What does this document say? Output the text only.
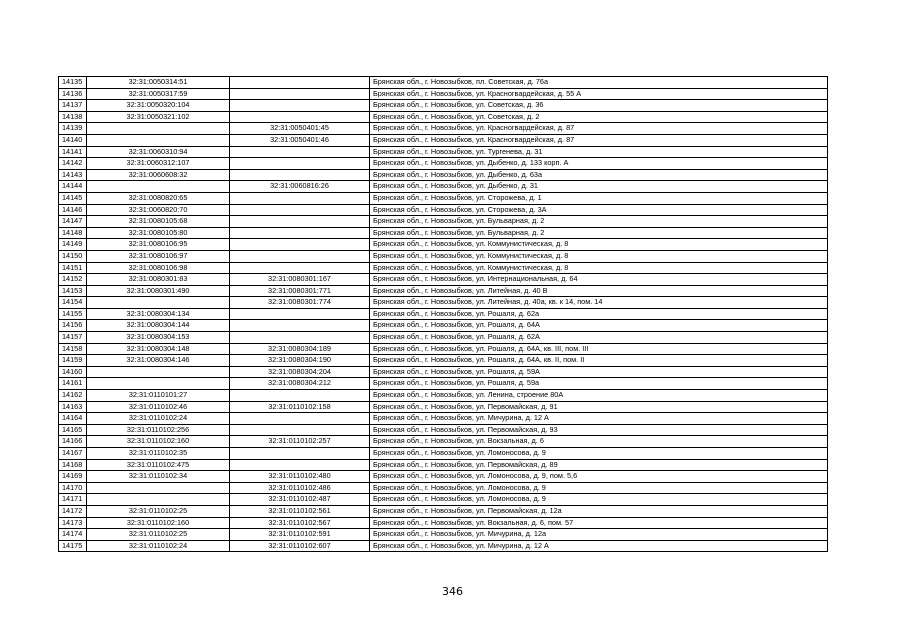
14135	32:31:0050314:51		Брянская обл., г. Новозыбков, пл. Советская, д. 76а
14136	32:31:0050317:59		Брянская обл., г. Новозыбков, ул. Красногвардейская, д. 55 А
14137	32:31:0050320:104		Брянская обл., г. Новозыбков, ул. Советская, д. 36
14138	32:31:0050321:102		Брянская обл., г. Новозыбков, ул. Советская, д. 2
14139		32:31:0050401:45	Брянская обл., г. Новозыбков, ул. Красногвардейская, д. 87
14140		32:31:0050401:46	Брянская обл., г. Новозыбков, ул. Красногвардейская, д. 87
14141	32:31:0060310:94		Брянская обл., г. Новозыбков, ул. Тургенева, д. 31
14142	32:31:0060312:107		Брянская обл., г. Новозыбков, ул. Дыбенко, д. 133 корп. А
14143	32:31:0060608:32		Брянская обл., г. Новозыбков, ул. Дыбенко, д. 63а
14144		32:31:0060816:26	Брянская обл., г. Новозыбков, ул. Дыбенко, д. 31
14145	32:31:0080820:65		Брянская обл., г. Новозыбков, ул. Сторожева, д. 1
14146	32:31:0060820:70		Брянская обл., г. Новозыбков, ул. Сторожева, д. 3А
14147	32:31:0080105:68		Брянская обл., г. Новозыбков, ул. Бульварная, д. 2
14148	32:31:0080105:80		Брянская обл., г. Новозыбков, ул. Бульварная, д. 2
14149	32:31:0080106:95		Брянская обл., г. Новозыбков, ул. Коммунистическая, д. 8
14150	32:31:0080106:97		Брянская обл., г. Новозыбков, ул. Коммунистическая, д. 8
14151	32:31:0080106:98		Брянская обл., г. Новозыбков, ул. Коммунистическая, д. 8
14152	32:31:0080301:83	32:31:0080301:167	Брянская обл., г. Новозыбков, ул. Интернациональная, д. 64
14153	32:31:0080301:490	32:31:0080301:771	Брянская обл., г. Новозыбков, ул. Литейная, д. 40 В
14154		32:31:0080301:774	Брянская обл., г. Новозыбков, ул. Литейная, д. 40а, кв. к 14, пом. 14
14155	32:31:0080304:134		Брянская обл., г. Новозыбков, ул. Рошаля, д. 62а
14156	32:31:0080304:144		Брянская обл., г. Новозыбков, ул. Рошаля, д. 64А
14157	32:31:0080304:153		Брянская обл., г. Новозыбков, ул. Рошаля, д. 62А
14158	32:31:0080304:148	32:31:0080304:189	Брянская обл., г. Новозыбков, ул. Рошаля, д. 64А, кв. III, пом. III
14159	32:31:0080304:146	32:31:0080304:190	Брянская обл., г. Новозыбков, ул. Рошаля, д. 64А, кв. II, пом. II
14160		32:31:0080304:204	Брянская обл., г. Новозыбков, ул. Рошаля, д. 59А
14161		32:31:0080304:212	Брянская обл., г. Новозыбков, ул. Рошаля, д. 59а
14162	32:31:0110101:27		Брянская обл., г. Новозыбков, ул. Ленина, строение 80А
14163	32:31:0110102:46	32:31:0110102:158	Брянская обл., г. Новозыбков, ул. Первомайская, д. 91
14164	32:31:0110102:24		Брянская обл., г. Новозыбков, ул. Мичурина, д. 12 А
14165	32:31:0110102:256		Брянская обл., г. Новозыбков, ул. Первомайская, д. 93
14166	32:31:0110102:160	32:31:0110102:257	Брянская обл., г. Новозыбков, ул. Вокзальная, д. 6
14167	32:31:0110102:35		Брянская обл., г. Новозыбков, ул. Ломоносова, д. 9
14168	32:31:0110102:475		Брянская обл., г. Новозыбков, ул. Первомайская, д. 89
14169	32:31:0110102:34	32:31:0110102:480	Брянская обл., г. Новозыбков, ул. Ломоносова, д. 9, пом. 5,6
14170		32:31:0110102:486	Брянская обл., г. Новозыбков, ул. Ломоносова, д. 9
14171		32:31:0110102:487	Брянская обл., г. Новозыбков, ул. Ломоносова, д. 9
14172	32:31:0110102:25	32:31:0110102:561	Брянская обл., г. Новозыбков, ул. Первомайская, д. 12а
14173	32:31:0110102:160	32:31:0110102:567	Брянская обл., г. Новозыбков, ул. Вокзальная, д. 6, пом. 57
14174	32:31:0110102:25	32:31:0110102:591	Брянская обл., г. Новозыбков, ул. Мичурина, д. 12а
14175	32:31:0110102:24	32:31:0110102:607	Брянская обл., г. Новозыбков, ул. Мичурина, д. 12 А
346
